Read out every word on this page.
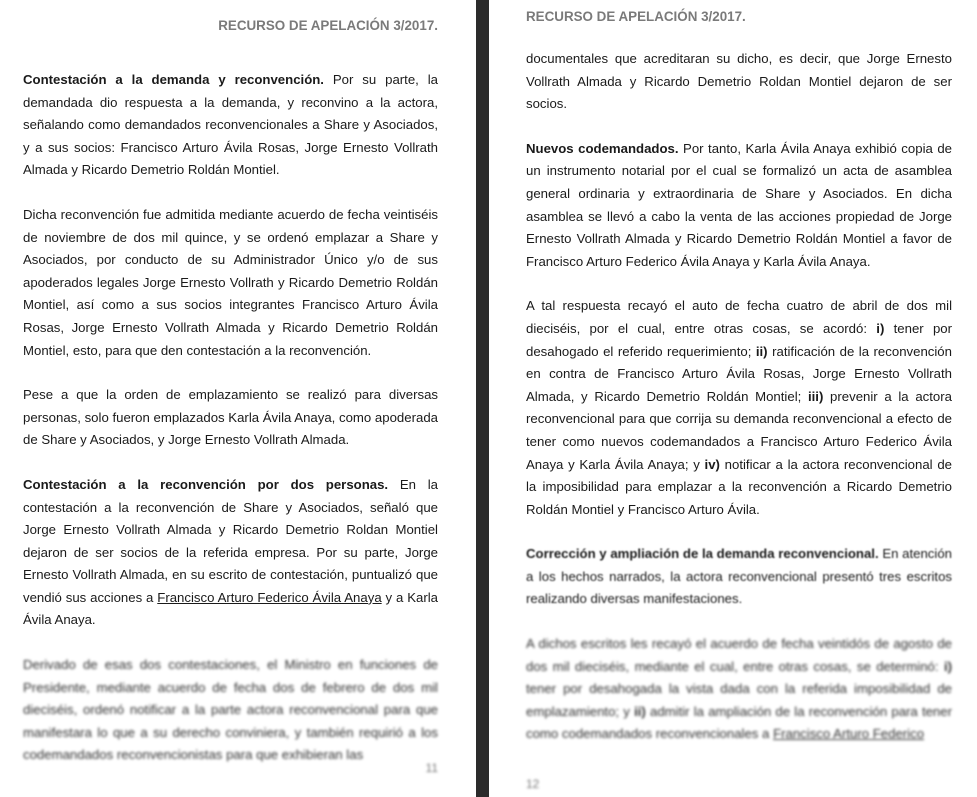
RECURSO DE APELACIÓN 3/2017.

Contestación a la demanda y reconvención. Por su parte, la demandada dio respuesta a la demanda, y reconvino a la actora, señalando como demandados reconvencionales a Share y Asociados, y a sus socios: Francisco Arturo Ávila Rosas, Jorge Ernesto Vollrath Almada y Ricardo Demetrio Roldán Montiel.

Dicha reconvención fue admitida mediante acuerdo de fecha veintiséis de noviembre de dos mil quince, y se ordenó emplazar a Share y Asociados, por conducto de su Administrador Único y/o de sus apoderados legales Jorge Ernesto Vollrath y Ricardo Demetrio Roldán Montiel, así como a sus socios integrantes Francisco Arturo Ávila Rosas, Jorge Ernesto Vollrath Almada y Ricardo Demetrio Roldán Montiel, esto, para que den contestación a la reconvención.

Pese a que la orden de emplazamiento se realizó para diversas personas, solo fueron emplazados Karla Ávila Anaya, como apoderada de Share y Asociados, y Jorge Ernesto Vollrath Almada.

Contestación a la reconvención por dos personas. En la contestación a la reconvención de Share y Asociados, señaló que Jorge Ernesto Vollrath Almada y Ricardo Demetrio Roldan Montiel dejaron de ser socios de la referida empresa. Por su parte, Jorge Ernesto Vollrath Almada, en su escrito de contestación, puntualizó que vendió sus acciones a Francisco Arturo Federico Ávila Anaya y a Karla Ávila Anaya.

Derivado de esas dos contestaciones, el Ministro en funciones de Presidente, mediante acuerdo de fecha dos de febrero de dos mil dieciséis, ordenó notificar a la parte actora reconvencional para que manifestara lo que a su derecho conviniera, y también requirió a los codemandados reconvencionistas para que exhibieran las

11
RECURSO DE APELACIÓN 3/2017.

documentales que acreditaran su dicho, es decir, que Jorge Ernesto Vollrath Almada y Ricardo Demetrio Roldan Montiel dejaron de ser socios.

Nuevos codemandados. Por tanto, Karla Ávila Anaya exhibió copia de un instrumento notarial por el cual se formalizó un acta de asamblea general ordinaria y extraordinaria de Share y Asociados. En dicha asamblea se llevó a cabo la venta de las acciones propiedad de Jorge Ernesto Vollrath Almada y Ricardo Demetrio Roldán Montiel a favor de Francisco Arturo Federico Ávila Anaya y Karla Ávila Anaya.

A tal respuesta recayó el auto de fecha cuatro de abril de dos mil dieciséis, por el cual, entre otras cosas, se acordó: i) tener por desahogado el referido requerimiento; ii) ratificación de la reconvención en contra de Francisco Arturo Ávila Rosas, Jorge Ernesto Vollrath Almada, y Ricardo Demetrio Roldán Montiel; iii) prevenir a la actora reconvencional para que corrija su demanda reconvencional a efecto de tener como nuevos codemandados a Francisco Arturo Federico Ávila Anaya y Karla Ávila Anaya; y iv) notificar a la actora reconvencional de la imposibilidad para emplazar a la reconvención a Ricardo Demetrio Roldán Montiel y Francisco Arturo Ávila.

Corrección y ampliación de la demanda reconvencional. En atención a los hechos narrados, la actora reconvencional presentó tres escritos realizando diversas manifestaciones.

A dichos escritos les recayó el acuerdo de fecha veintidós de agosto de dos mil dieciséis, mediante el cual, entre otras cosas, se determinó: i) tener por desahogada la vista dada con la referida imposibilidad de emplazamiento; y ii) admitir la ampliación de la reconvención para tener como codemandados reconvencionales a Francisco Arturo Federico

12
